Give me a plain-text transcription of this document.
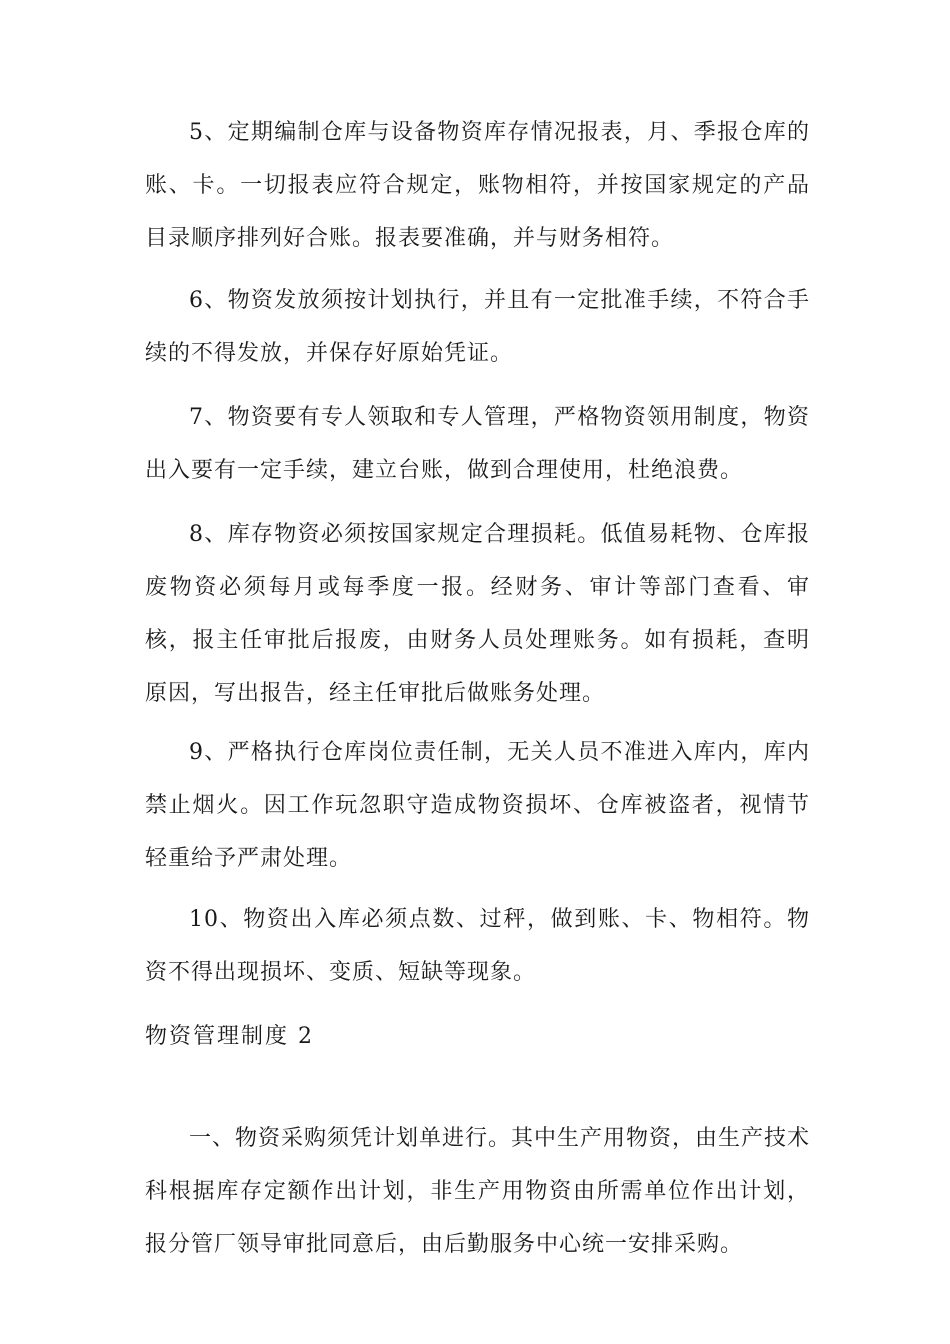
5、定期编制仓库与设备物资库存情况报表，月、季报仓库的账、卡。一切报表应符合规定，账物相符，并按国家规定的产品目录顺序排列好合账。报表要准确，并与财务相符。

6、物资发放须按计划执行，并且有一定批准手续，不符合手续的不得发放，并保存好原始凭证。

7、物资要有专人领取和专人管理，严格物资领用制度，物资出入要有一定手续，建立台账，做到合理使用，杜绝浪费。

8、库存物资必须按国家规定合理损耗。低值易耗物、仓库报废物资必须每月或每季度一报。经财务、审计等部门查看、审核，报主任审批后报废，由财务人员处理账务。如有损耗，查明原因，写出报告，经主任审批后做账务处理。

9、严格执行仓库岗位责任制，无关人员不准进入库内，库内禁止烟火。因工作玩忽职守造成物资损坏、仓库被盗者，视情节轻重给予严肃处理。

10、物资出入库必须点数、过秤，做到账、卡、物相符。物资不得出现损坏、变质、短缺等现象。

物资管理制度 2

一、物资采购须凭计划单进行。其中生产用物资，由生产技术科根据库存定额作出计划，非生产用物资由所需单位作出计划，报分管厂领导审批同意后，由后勤服务中心统一安排采购。
